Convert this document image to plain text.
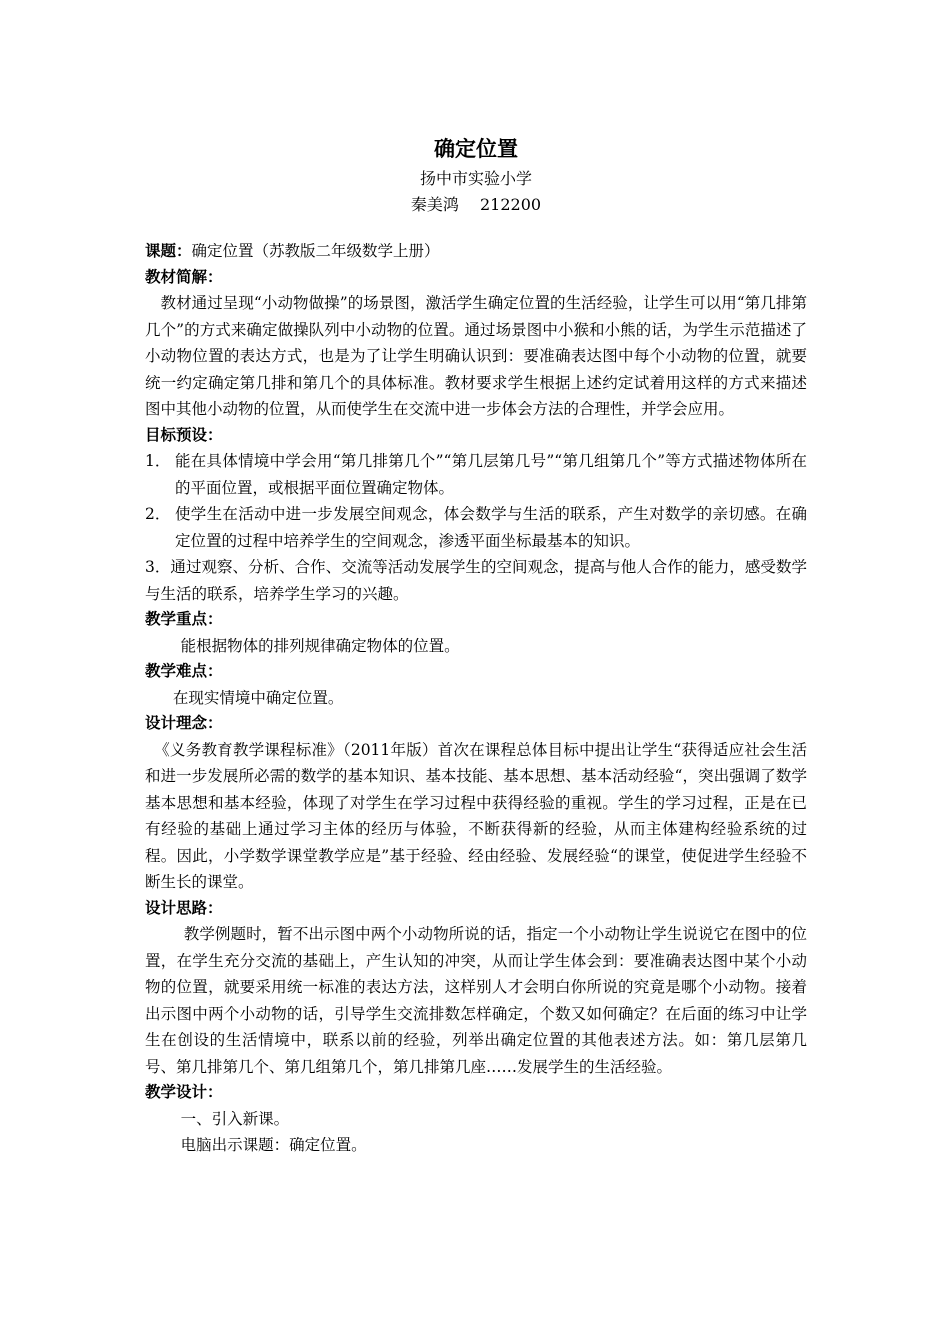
确定位置

扬中市实验小学

秦美鸿　 212200

课题：确定位置（苏教版二年级数学上册）

教材简解：

教材通过呈现“小动物做操”的场景图，激活学生确定位置的生活经验，让学生可以用“第几排第几个”的方式来确定做操队列中小动物的位置。通过场景图中小猴和小熊的话，为学生示范描述了小动物位置的表达方式，也是为了让学生明确认识到：要准确表达图中每个小动物的位置，就要统一约定确定第几排和第几个的具体标准。教材要求学生根据上述约定试着用这样的方式来描述图中其他小动物的位置，从而使学生在交流中进一步体会方法的合理性，并学会应用。

目标预设：

1． 能在具体情境中学会用“第几排第几个”“第几层第几号”“第几组第几个”等方式描述物体所在的平面位置，或根据平面位置确定物体。
2． 使学生在活动中进一步发展空间观念，体会数学与生活的联系，产生对数学的亲切感。在确定位置的过程中培养学生的空间观念，渗透平面坐标最基本的知识。

3．通过观察、分析、合作、交流等活动发展学生的空间观念，提高与他人合作的能力，感受数学与生活的联系，培养学生学习的兴趣。

教学重点：

能根据物体的排列规律确定物体的位置。

教学难点：

在现实情境中确定位置。

设计理念：

《义务教育教学课程标准》（2011年版）首次在课程总体目标中提出让学生“获得适应社会生活和进一步发展所必需的数学的基本知识、基本技能、基本思想、基本活动经验“，突出强调了数学基本思想和基本经验，体现了对学生在学习过程中获得经验的重视。学生的学习过程，正是在已有经验的基础上通过学习主体的经历与体验，不断获得新的经验，从而主体建构经验系统的过程。因此，小学数学课堂教学应是”基于经验、经由经验、发展经验“的课堂，使促进学生经验不断生长的课堂。

设计思路：

教学例题时，暂不出示图中两个小动物所说的话，指定一个小动物让学生说说它在图中的位置，在学生充分交流的基础上，产生认知的冲突，从而让学生体会到：要准确表达图中某个小动物的位置，就要采用统一标准的表达方法，这样别人才会明白你所说的究竟是哪个小动物。接着出示图中两个小动物的话，引导学生交流排数怎样确定，个数又如何确定？在后面的练习中让学生在创设的生活情境中，联系以前的经验，列举出确定位置的其他表述方法。如：第几层第几号、第几排第几个、第几组第几个，第几排第几座……发展学生的生活经验。

教学设计：

一、引入新课。

电脑出示课题：确定位置。
